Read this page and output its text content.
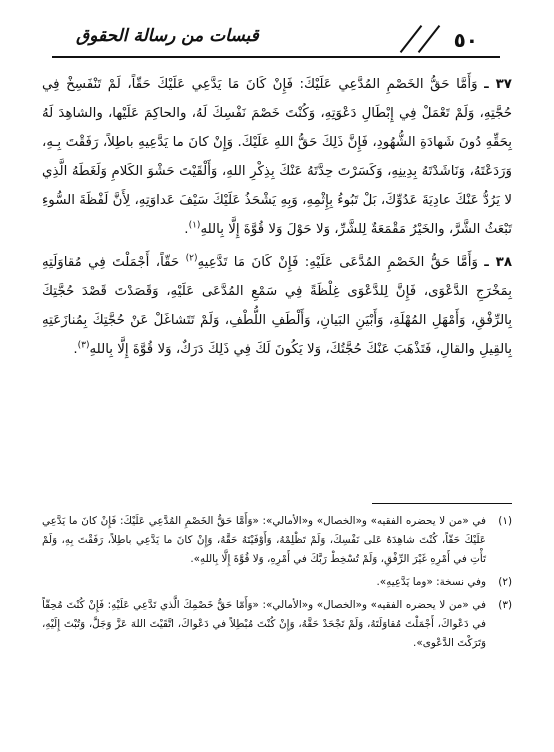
٥٠
قبسات من رسالة الحقوق

٣٧ ـ وَأَمَّا حَقُّ الخَصْمِ المُدَّعِي عَلَيْكَ: فَإِنْ كَانَ مَا يَدَّعِي عَلَيْكَ حَقّاً، لَمْ تَنْفَسِخْ فِي حُجَّتِهِ، وَلَمْ تَعْمَلْ فِي إِبْطَالِ دَعْوَتِهِ، وَكُنْتَ خَصْمَ نَفْسِكَ لَهُ، والحاكِمَ عَلَيْها، والشاهِدَ لَهُ بِحَقِّهِ دُونَ شَهادَةِ الشُّهُودِ، فَإِنَّ ذَلِكَ حَقُّ اللهِ عَلَيْكَ. وَإِنْ كانَ ما يَدَّعِيهِ باطِلاً، رَفَقْتَ بِـهِ، وَرَدَعْتَهُ، وَنَاشَدْتَهُ بِدِينِهِ، وَكَسَرْتَ حِدَّتَهُ عَنْكَ بِذِكْرِ اللهِ، وَأَلْقَيْتَ حَشْوَ الكَلامِ وَلَغَطَهُ الَّذِي لا يَرُدُّ عَنْكَ عادِيَةَ عَدُوِّكَ، بَلْ تَبُوءُ بِإِثْمِهِ، وَبِهِ يَشْحَذُ عَلَيْكَ سَيْفَ عَداوَتِهِ، لِأَنَّ لَفْظَةَ السُّوءِ تَبْعَثُ الشَّرَّ، والخَيْرُ مَقْمَعَةٌ لِلشَّرِّ، وَلا حَوْلَ وَلا قُوَّةَ إِلَّا بِاللهِ$^{(١)}$.

٣٨ ـ وَأَمَّا حَقُّ الخَصْمِ المُدَّعَى عَلَيْهِ: فَإِنْ كَانَ مَا تَدَّعِيهِ$^{(٢)}$ حَقّاً، أَجْمَلْتَ فِي مُقاوَلَتِهِ بِمَخْرَجِ الدَّعْوَى، فَإِنَّ لِلدَّعْوَى غِلْظَةً فِي سَمْعِ المُدَّعَى عَلَيْهِ، وَقَصَدْتَ قَصْدَ حُجَّتِكَ بِالرِّفْقِ، وَأَمْهَلِ المُهْلَةِ، وَأَبْيَنِ البَيانِ، وَأَلْطَفِ اللُّطْفِ، وَلَمْ تَتَشاغَلْ عَنْ حُجَّتِكَ بِمُنازَعَتِهِ بِالقِيلِ والقالِ، فَتَذْهَبَ عَنْكَ حُجَّتُكَ، وَلا يَكُونَ لَكَ فِي ذَلِكَ دَرَكٌ، وَلا قُوَّةَ إِلَّا بِاللهِ$^{(٣)}$.

(١)
في «من لا يحضره الفقيه» و«الخصال» و«الأمالي»: «وَأَمَّا حَقُّ الخَصْمِ المُدَّعِي عَلَيْكَ: فَإِنْ كانَ ما يَدَّعِي عَلَيْكَ حَقّاً، كُنْتَ شاهِدَهُ عَلى نَفْسِكَ، وَلَمْ تَظْلِمْهُ، وَأَوْفَيْتَهُ حَقَّهُ، وَإِنْ كانَ ما يَدَّعِي باطِلاً، رَفَقْتَ بِهِ، وَلَمْ تَأْتِ في أَمْرِهِ غَيْرَ الرِّفْقِ، وَلَمْ تُسْخِطْ رَبَّكَ في أَمْرِهِ، وَلا قُوَّةَ إِلَّا بِاللهِ».

(٢)
وفي نسخة: «وما يَدَّعِيهِ».

(٣)
في «من لا يحضره الفقيه» و«الخصال» و«الأمالي»: «وَأَمّا حَقُّ خَصْمِكَ الَّذي تَدَّعِي عَلَيْهِ: فَإِنْ كُنْتَ مُحِقّاً في دَعْواكَ، أَجْمَلْتَ مُقاوَلَتَهُ، وَلَمْ تَجْحَدْ حَقَّهُ، وَإِنْ كُنْتَ مُبْطِلاً في دَعْواكَ، اتَّقَيْتَ اللهَ عَزَّ وَجَلَّ، وَتُبْتَ إِلَيْهِ، وَتَرَكْتَ الدَّعْوى».
